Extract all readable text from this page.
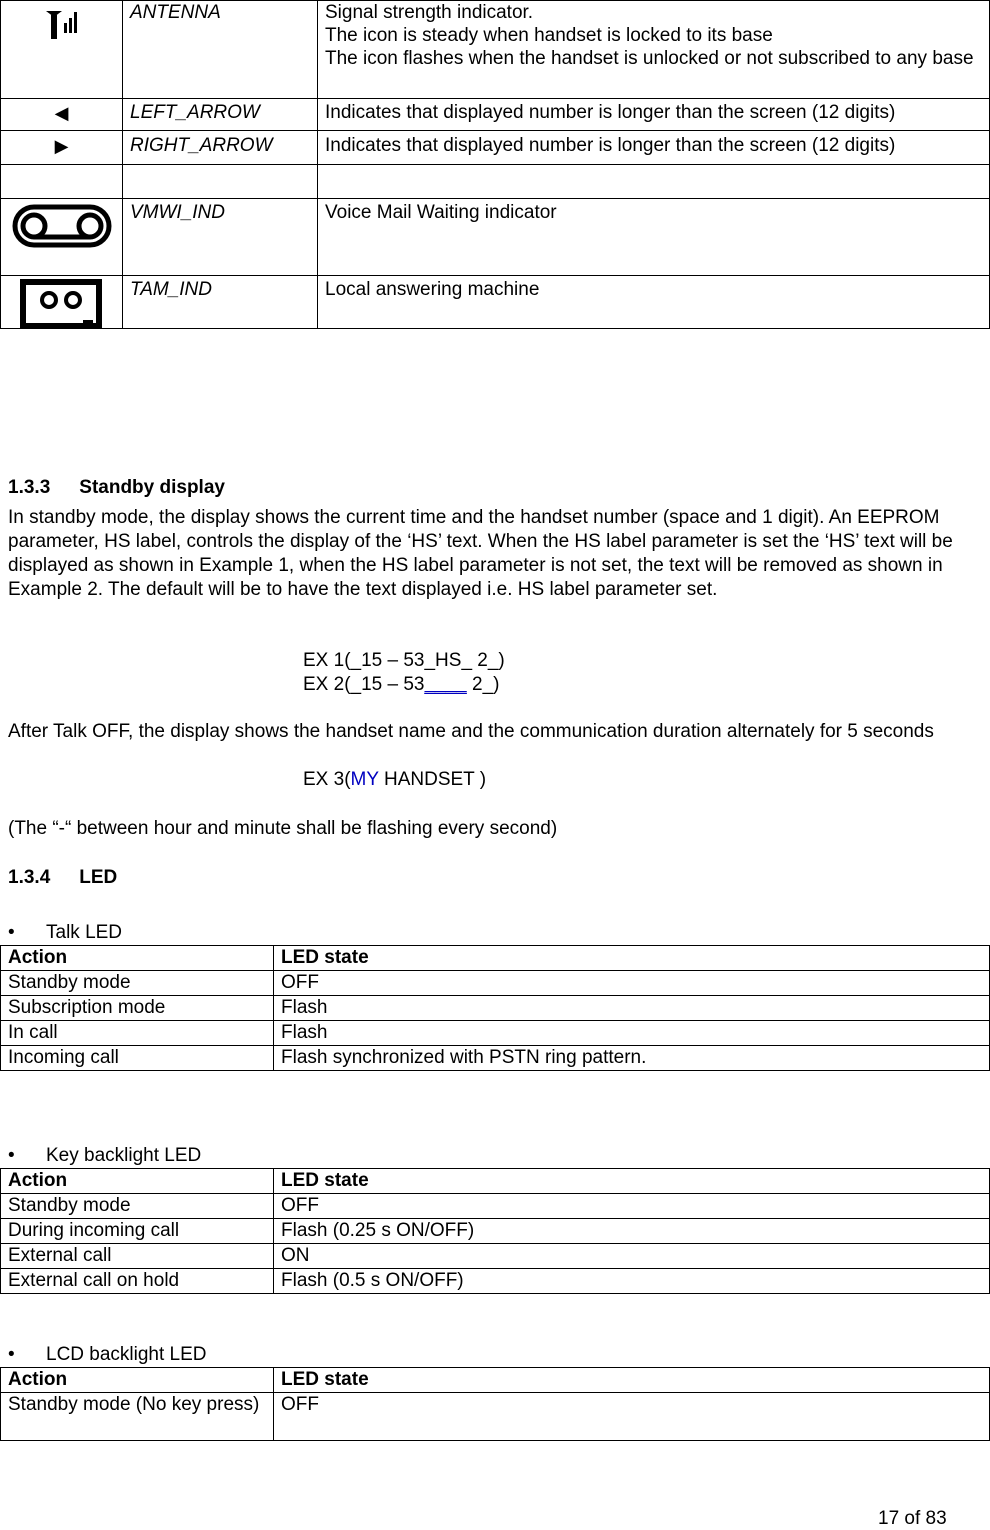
	ANTENNA	Signal strength indicator.
The icon is steady when handset is locked to its base
The icon flashes when the handset is unlocked or not subscribed to any base

◀	LEFT_ARROW	Indicates that displayed number is longer than the screen (12 digits)
▶	RIGHT_ARROW	Indicates that displayed number is longer than the screen (12 digits)

	VMWI_IND	Voice Mail Waiting indicator

	TAM_IND	Local answering machine
1.3.3 Standby display
In standby mode, the display shows the current time and the handset number (space and 1 digit). An EEPROM parameter, HS label, controls the display of the ‘HS’ text. When the HS label parameter is set the ‘HS’ text will be displayed as shown in Example 1, when the HS label parameter is not set, the text will be removed as shown in Example 2. The default will be to have the text displayed i.e. HS label parameter set.
EX 1(_15 – 53_HS_ 2_)
EX 2(_15 – 53____ 2_)
After Talk OFF, the display shows the handset name and the communication duration alternately for 5 seconds
EX 3(MY HANDSET )
(The “-“ between hour and minute shall be flashing every second)
1.3.4 LED
• Talk LED
Action	LED state
Standby mode	OFF
Subscription mode	Flash
In call	Flash
Incoming call	Flash synchronized with PSTN ring pattern.
• Key backlight LED
Action	LED state
Standby mode	OFF
During incoming call	Flash (0.25 s ON/OFF)
External call	ON
External call on hold	Flash (0.5 s ON/OFF)
• LCD backlight LED
Action	LED state
Standby mode (No key press)	OFF
17 of 83
